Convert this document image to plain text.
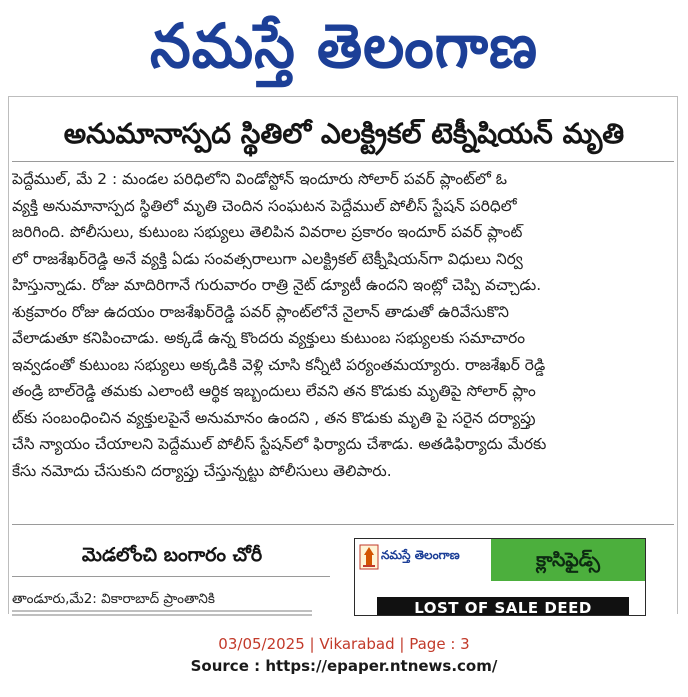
నమస్తే తెలంగాణ
అనుమానాస్పద స్థితిలో ఎలక్ట్రికల్ టెక్నీషియన్ మృతి
పెద్దేముల్, మే 2 : మండల పరిధిలోని విండోస్టోన్ ఇందూరు సోలార్ పవర్ ప్లాంట్‌లో ఓ
వ్యక్తి అనుమానాస్పద స్థితిలో మృతి చెందిన సంఘటన పెద్దేముల్ పోలీస్ స్టేషన్ పరిధిలో
జరిగింది. పోలీసులు, కుటుంబ సభ్యులు తెలిపిన వివరాల ప్రకారం ఇందూర్ పవర్ ప్లాంట్
లో రాజశేఖర్‌రెడ్డి అనే వ్యక్తి ఏడు సంవత్సరాలుగా ఎలక్ట్రికల్ టెక్నీషియన్‌గా విధులు నిర్వ
హిస్తున్నాడు. రోజు మాదిరిగానే గురువారం రాత్రి నైట్ డ్యూటీ ఉందని ఇంట్లో చెప్పి వచ్చాడు.
శుక్రవారం రోజు ఉదయం రాజశేఖర్‌రెడ్డి పవర్ ప్లాంట్‌లోనే నైలాన్ తాడుతో ఉరివేసుకొని
వేలాడుతూ కనిపించాడు. అక్కడే ఉన్న కొందరు వ్యక్తులు కుటుంబ సభ్యులకు సమాచారం
ఇవ్వడంతో కుటుంబ సభ్యులు అక్కడికి వెళ్లి చూసి కన్నీటి పర్యంతమయ్యారు. రాజశేఖర్ రెడ్డి
తండ్రి బాల్‌రెడ్డి తమకు ఎలాంటి ఆర్థిక ఇబ్బందులు లేవని తన కొడుకు మృతిపై సోలార్ ప్లాం
ట్‌కు సంబంధించిన వ్యక్తులపైనే అనుమానం ఉందని , తన కొడుకు మృతి పై సరైన దర్యాప్తు
చేసి న్యాయం చేయాలని పెద్దేముల్ పోలీస్ స్టేషన్‌లో ఫిర్యాదు చేశాడు. అతడిఫిర్యాదు మేరకు
కేసు నమోదు చేసుకుని దర్యాప్తు చేస్తున్నట్టు పోలీసులు తెలిపారు.
మెడలోంచి బంగారం చోరీ
తాండూరు,మే2: వికారాబాద్ ప్రాంతానికి
నమస్తే తెలంగాణ	క్లాసిఫైడ్స్
LOST OF SALE DEED
03/05/2025 | Vikarabad | Page : 3
Source : https://epaper.ntnews.com/
